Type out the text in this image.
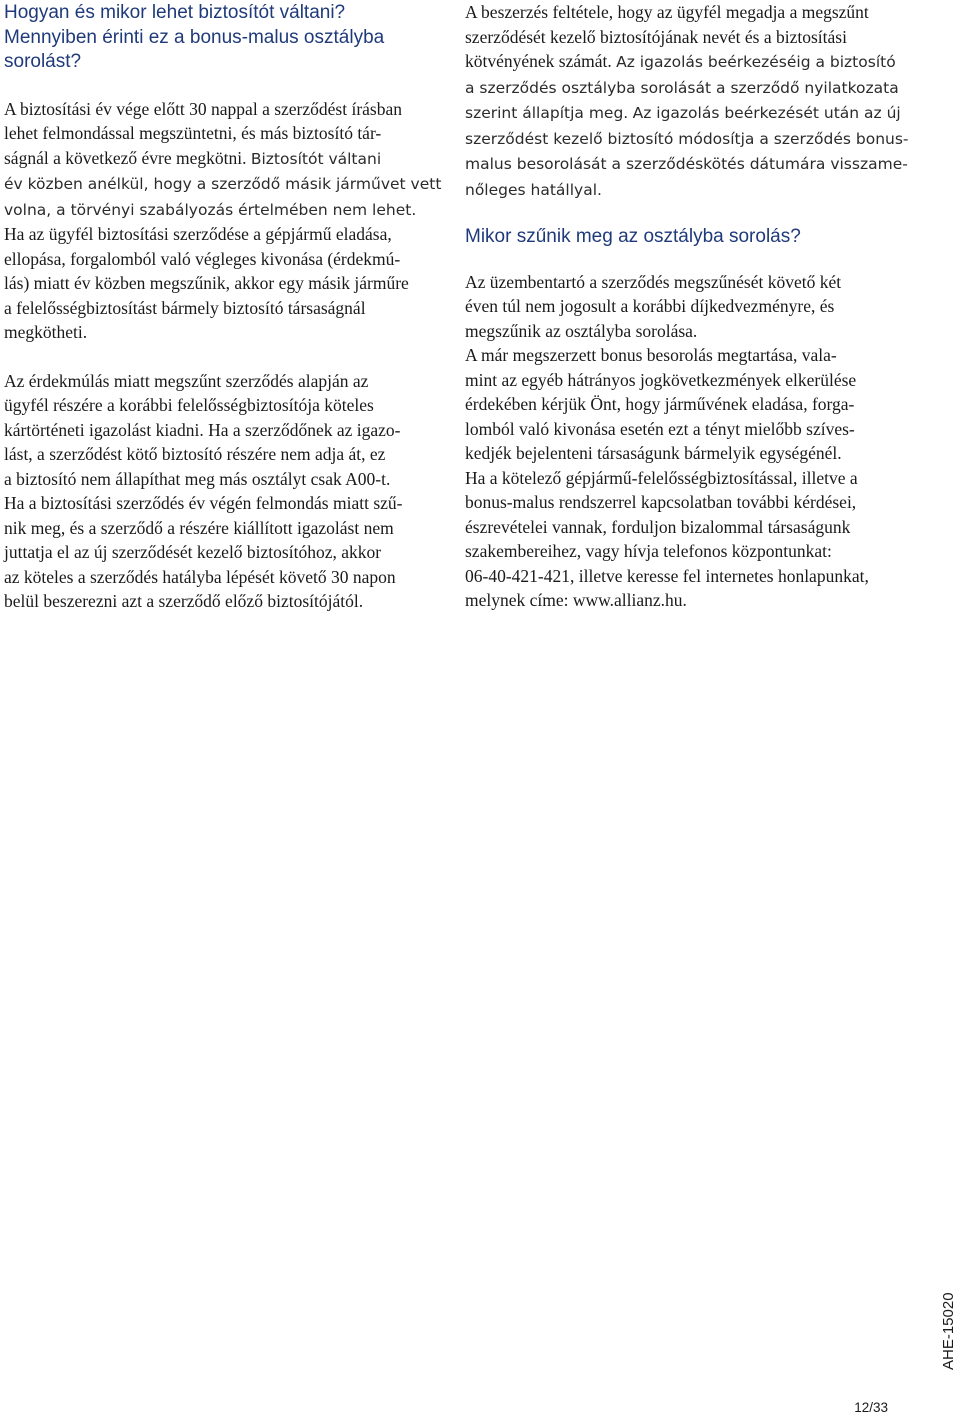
Hogyan és mikor lehet biztosítót váltani?
Mennyiben érinti ez a bonus-malus osztályba
sorolást?

A biztosítási év vége előtt 30 nappal a szerződést írásban
lehet felmondással megszüntetni, és más biztosító tár-
ságnál a következő évre megkötni. Biztosítót váltani
év közben anélkül, hogy a szerződő másik járművet vett
volna, a törvényi szabályozás értelmében nem lehet.

Ha az ügyfél biztosítási szerződése a gépjármű eladása,
ellopása, forgalomból való végleges kivonása (érdekmú-
lás) miatt év közben megszűnik, akkor egy másik járműre
a felelősségbiztosítást bármely biztosító társaságnál
megkötheti.

Az érdekmúlás miatt megszűnt szerződés alapján az
ügyfél részére a korábbi felelősségbiztosítója köteles
kártörténeti igazolást kiadni. Ha a szerződőnek az igazo-
lást, a szerződést kötő biztosító részére nem adja át, ez
a biztosító nem állapíthat meg más osztályt csak A00-t.

Ha a biztosítási szerződés év végén felmondás miatt szű-
nik meg, és a szerződő a részére kiállított igazolást nem
juttatja el az új szerződését kezelő biztosítóhoz, akkor
az köteles a szerződés hatályba lépését követő 30 napon
belül beszerezni azt a szerződő előző biztosítójától.

A beszerzés feltétele, hogy az ügyfél megadja a megszűnt
szerződését kezelő biztosítójának nevét és a biztosítási
kötvényének számát. Az igazolás beérkezéséig a biztosító
a szerződés osztályba sorolását a szerződő nyilatkozata
szerint állapítja meg. Az igazolás beérkezését után az új
szerződést kezelő biztosító módosítja a szerződés bonus-
malus besorolását a szerződéskötés dátumára visszame-
nőleges hatállyal.

Mikor szűnik meg az osztályba sorolás?

Az üzembentartó a szerződés megszűnését követő két
éven túl nem jogosult a korábbi díjkedvezményre, és
megszűnik az osztályba sorolása.

A már megszerzett bonus besorolás megtartása, vala-
mint az egyéb hátrányos jogkövetkezmények elkerülése
érdekében kérjük Önt, hogy járművének eladása, forga-
lomból való kivonása esetén ezt a tényt mielőbb szíves-
kedjék bejelenteni társaságunk bármelyik egységénél.

Ha a kötelező gépjármű-felelősségbiztosítással, illetve a
bonus-malus rendszerrel kapcsolatban további kérdései,
észrevételei vannak, forduljon bizalommal társaságunk
szakembereihez, vagy hívja telefonos központunkat:
06-40-421-421, illetve keresse fel internetes honlapunkat,
melynek címe: www.allianz.hu.

AHE-15020
12/33
